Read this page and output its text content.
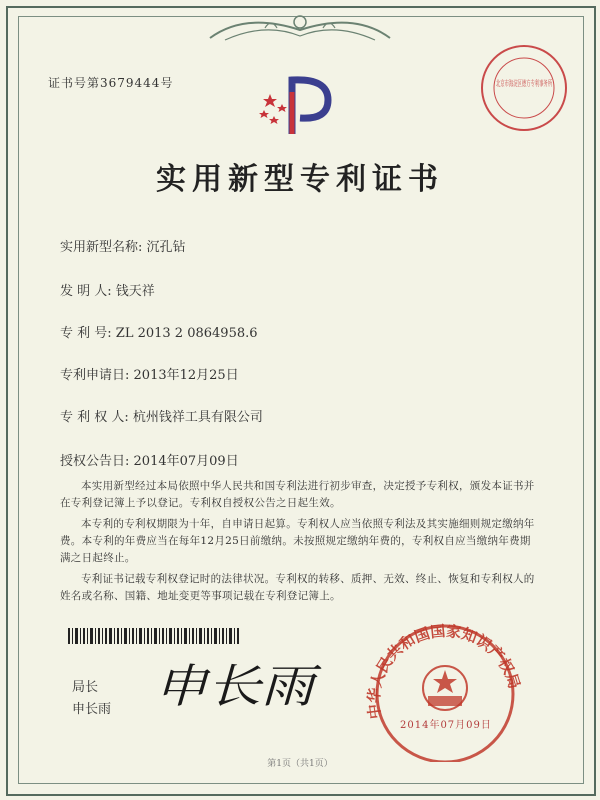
证书号第3679444号
实用新型专利证书
北京市海淀区德方专利事务所
实用新型名称: 沉孔钻
发 明 人: 钱天祥
专 利 号: ZL 2013 2 0864958.6
专利申请日: 2013年12月25日
专 利 权 人: 杭州钱祥工具有限公司
授权公告日: 2014年07月09日

本实用新型经过本局依照中华人民共和国专利法进行初步审查，决定授予专利权，颁发本证书并在专利登记簿上予以登记。专利权自授权公告之日起生效。

本专利的专利权期限为十年，自申请日起算。专利权人应当依照专利法及其实施细则规定缴纳年费。本专利的年费应当在每年12月25日前缴纳。未按照规定缴纳年费的，专利权自应当缴纳年费期满之日起终止。

专利证书记载专利权登记时的法律状况。专利权的转移、质押、无效、终止、恢复和专利权人的姓名或名称、国籍、地址变更等事项记载在专利登记簿上。

局长
申长雨 申长雨	中华人民共和国国家知识产权局
2014年07月09日
第1页（共1页）
